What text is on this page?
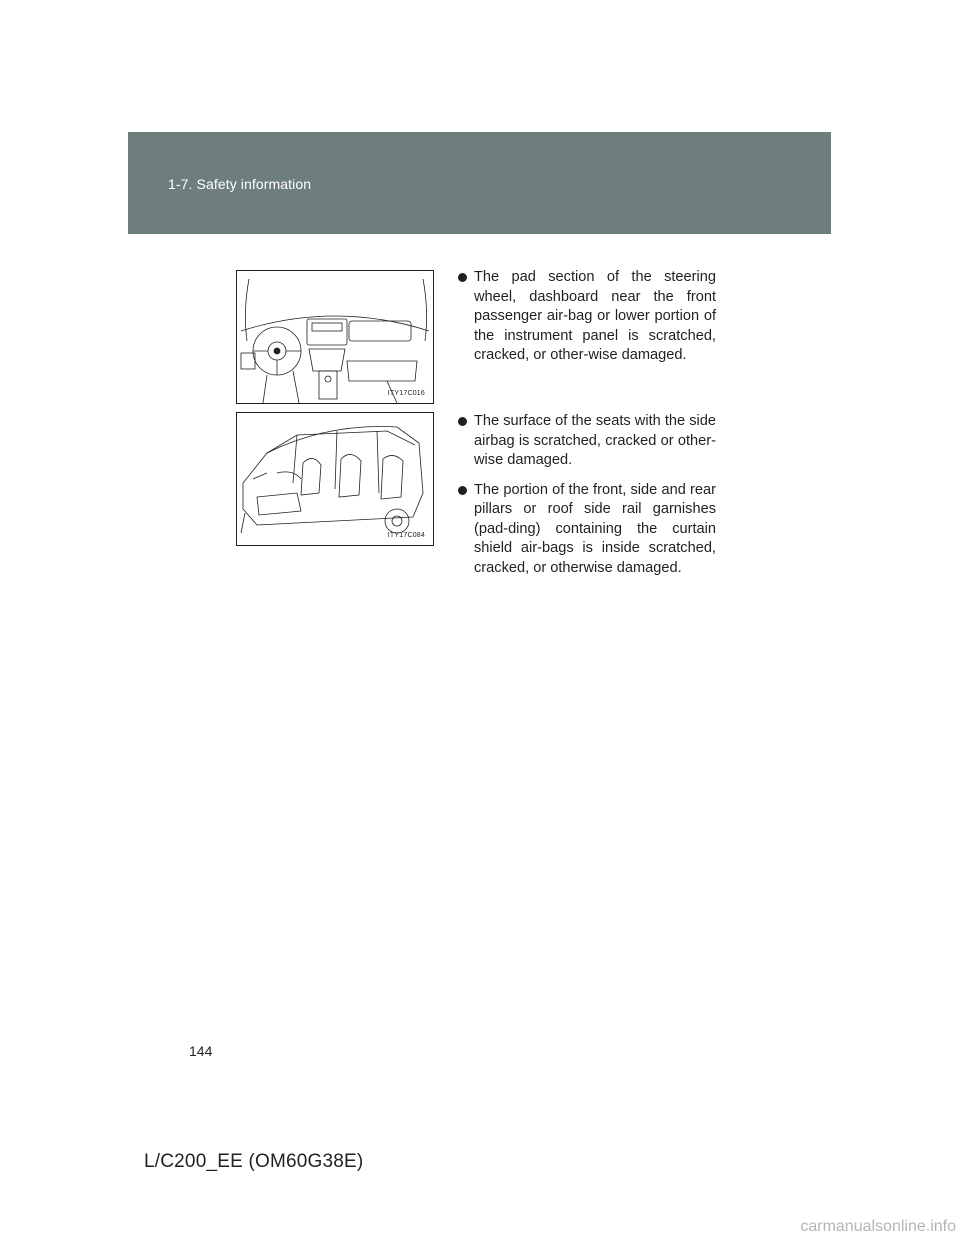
1-7. Safety information
ITY17C016
ITY17C084
The pad section of the steering wheel, dashboard near the front passenger air-bag or lower portion of the instrument panel is scratched, cracked, or other-wise damaged.
The surface of the seats with the side airbag is scratched, cracked or other-wise damaged.
The portion of the front, side and rear pillars or roof side rail garnishes (pad-ding) containing the curtain shield air-bags is inside scratched, cracked, or otherwise damaged.
144
L/C200_EE (OM60G38E)
carmanualsonline.info
